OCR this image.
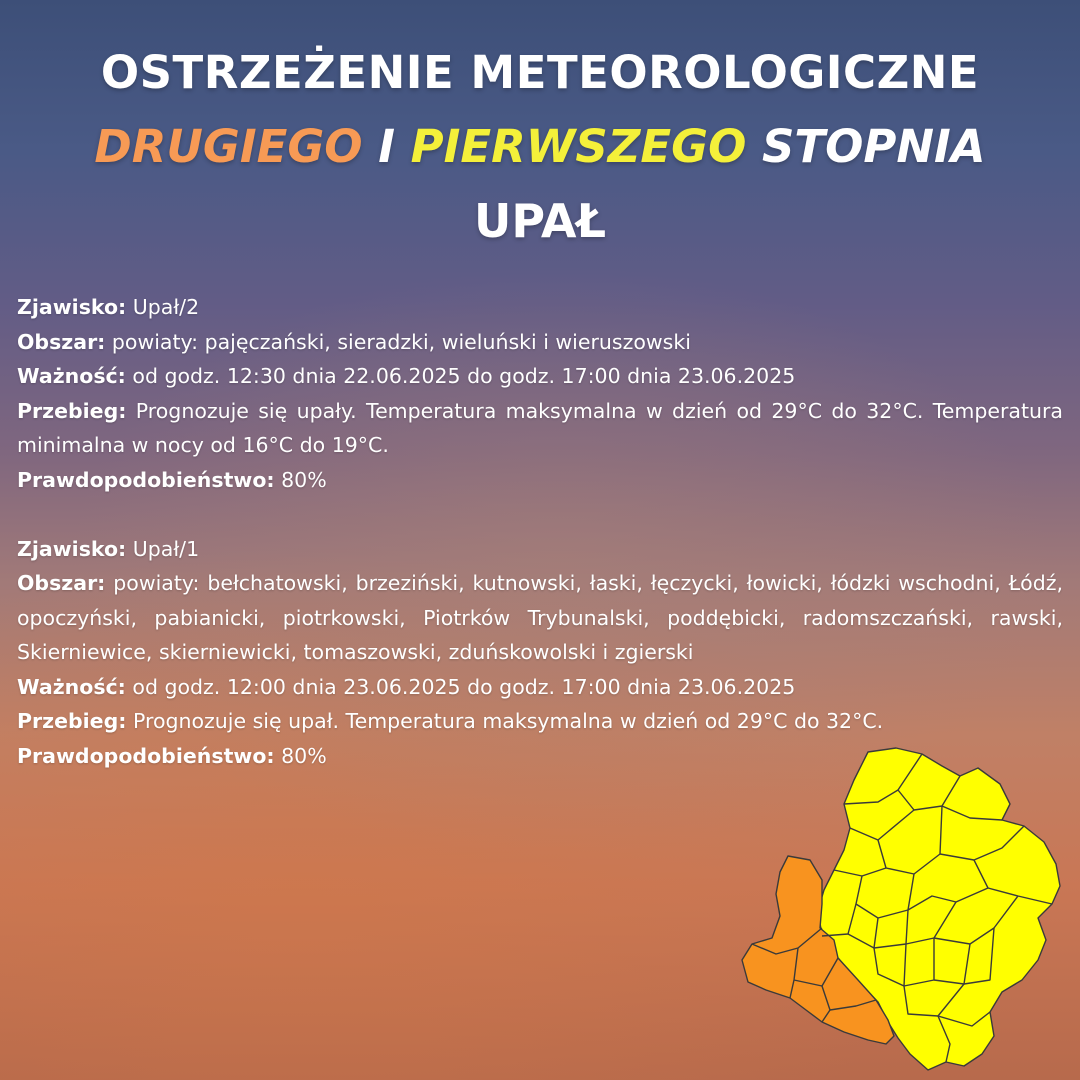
OSTRZEŻENIE METEOROLOGICZNE
DRUGIEGO I PIERWSZEGO STOPNIA
UPAŁ

Zjawisko: Upał/2

Obszar: powiaty: pajęczański, sieradzki, wieluński i wieruszowski

Ważność: od godz. 12:30 dnia 22.06.2025 do godz. 17:00 dnia 23.06.2025

Przebieg: Prognozuje się upały. Temperatura maksymalna w dzień od 29°C do 32°C. Temperatura minimalna w nocy od 16°C do 19°C.

Prawdopodobieństwo: 80%

Zjawisko: Upał/1

Obszar: powiaty: bełchatowski, brzeziński, kutnowski, łaski, łęczycki, łowicki, łódzki wschodni, Łódź, opoczyński, pabianicki, piotrkowski, Piotrków Trybunalski, poddębicki, radomszczański, rawski, Skierniewice, skierniewicki, tomaszowski, zduńskowolski i zgierski

Ważność: od godz. 12:00 dnia 23.06.2025 do godz. 17:00 dnia 23.06.2025

Przebieg: Prognozuje się upał. Temperatura maksymalna w dzień od 29°C do 32°C.

Prawdopodobieństwo: 80%
